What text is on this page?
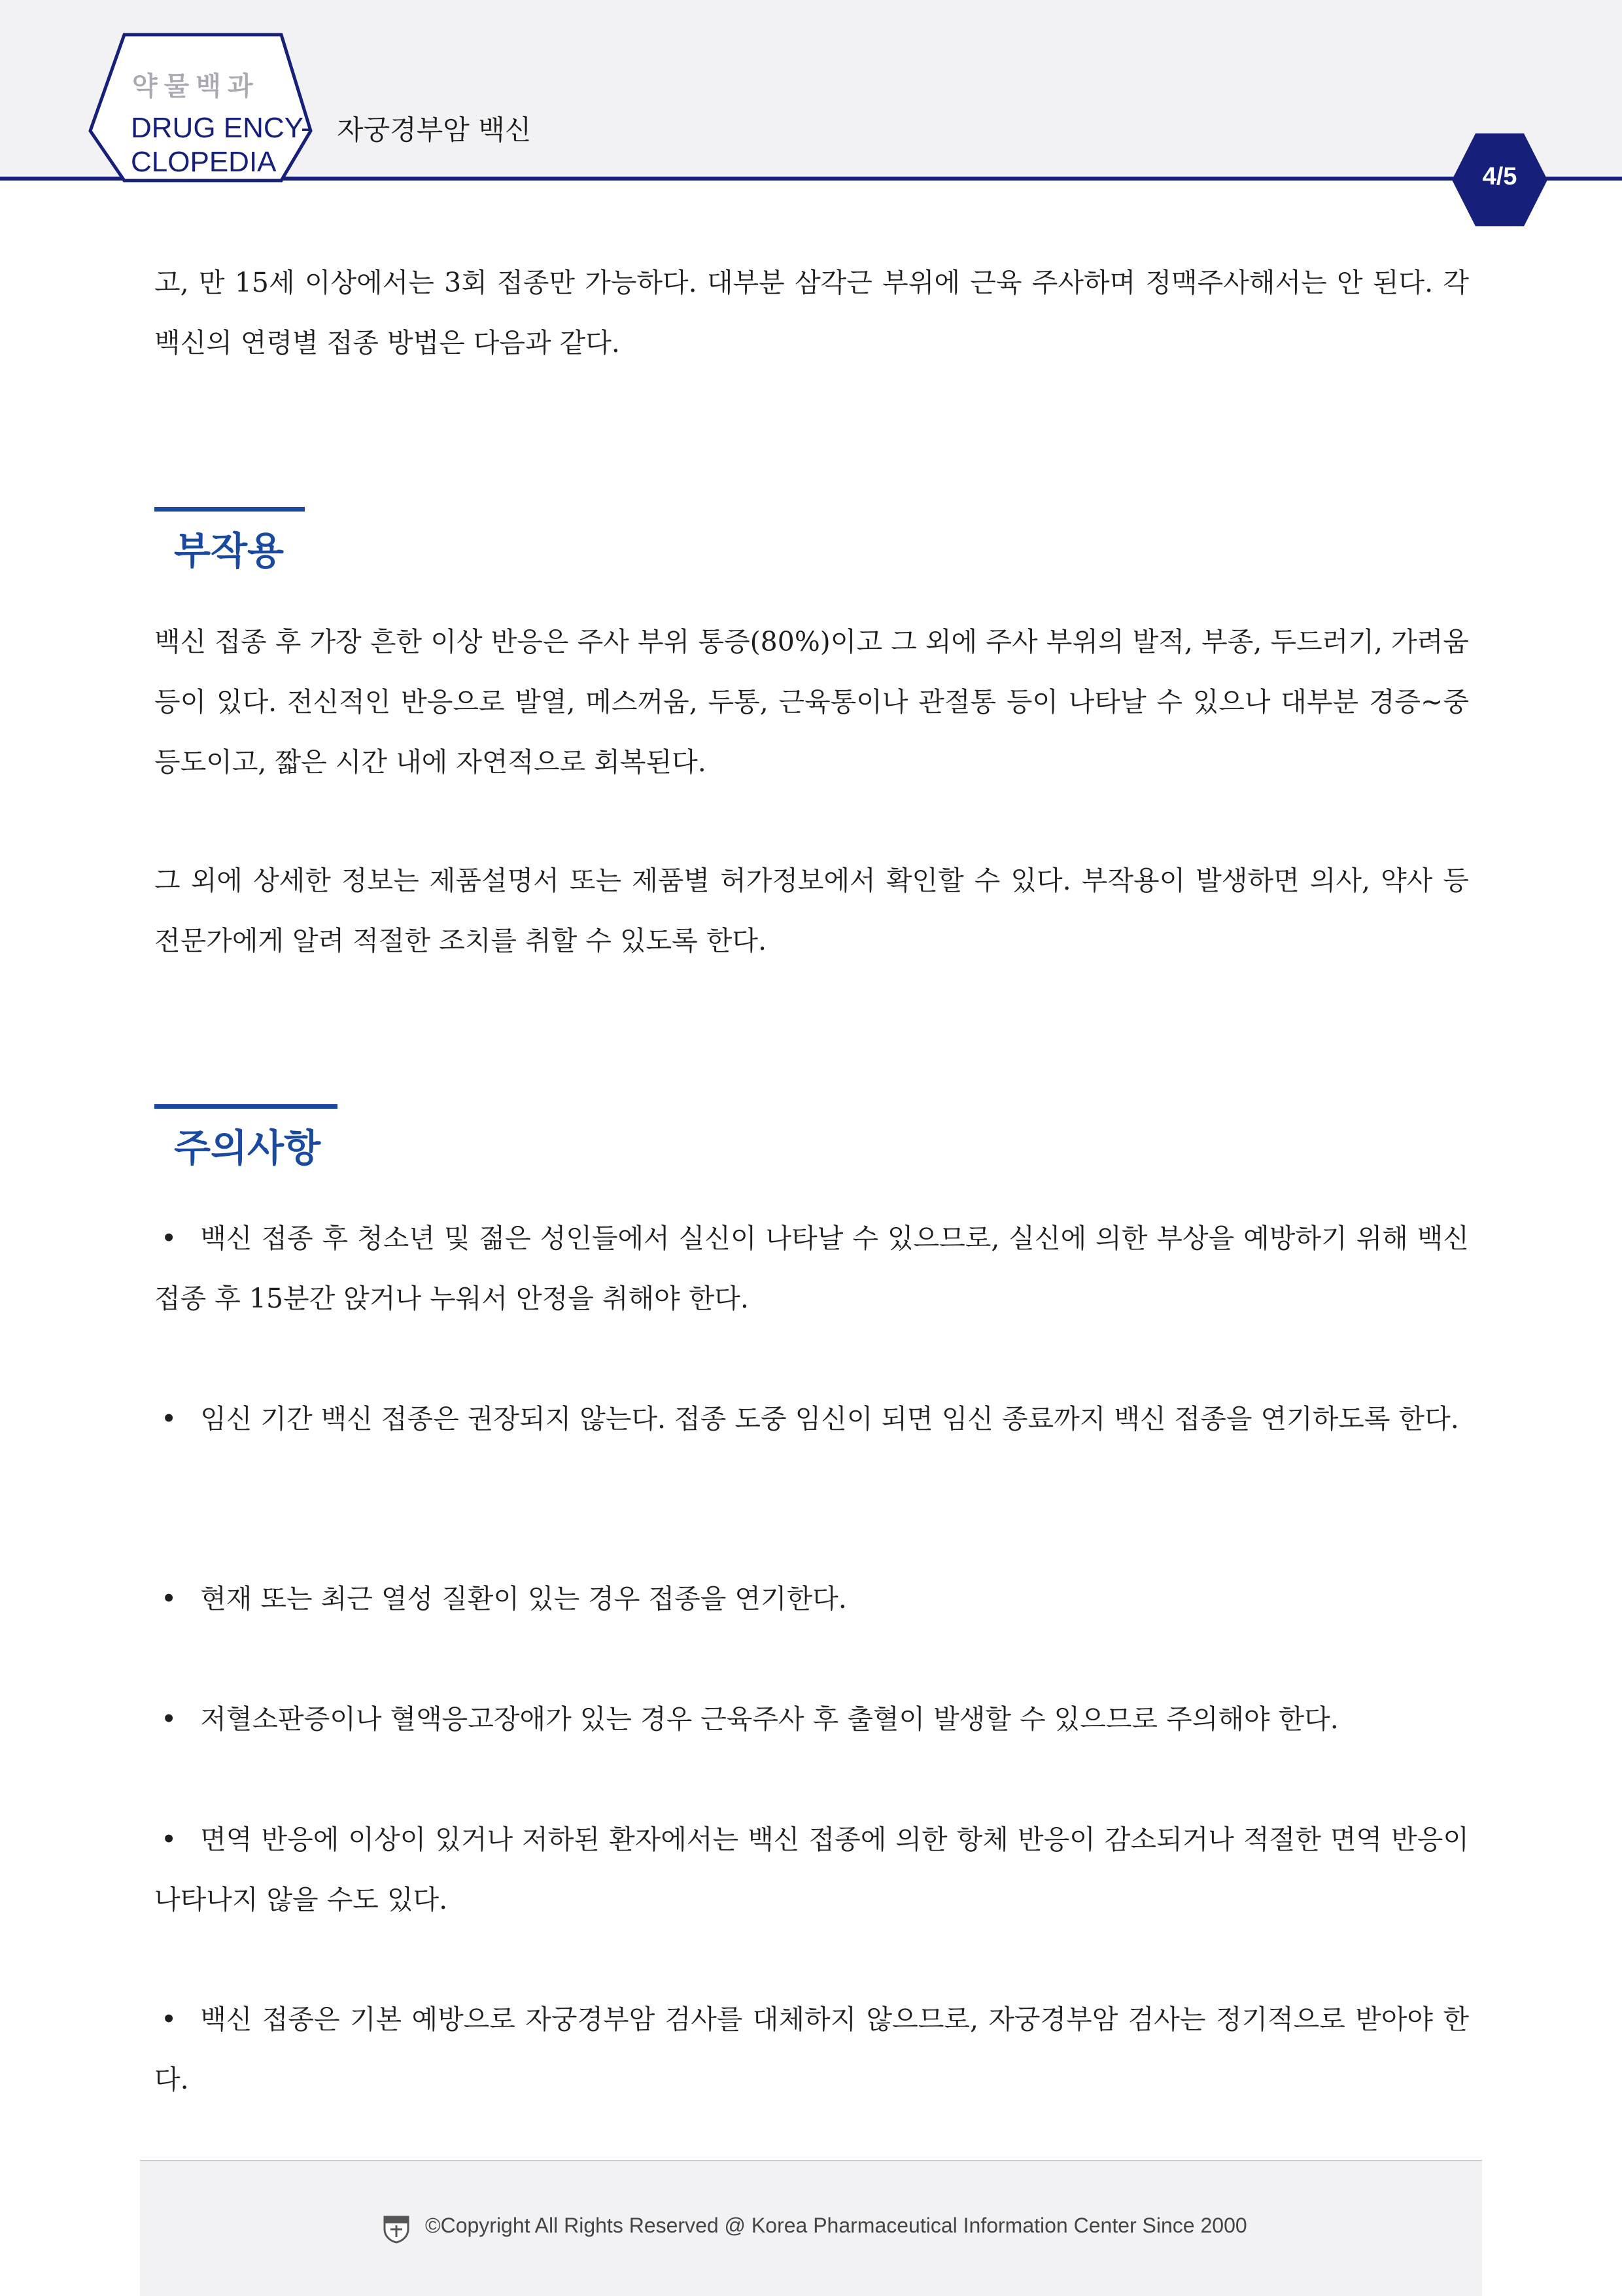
약물백과
DRUG ENCY-
CLOPEDIA
자궁경부암 백신
4/5
고, 만 15세 이상에서는 3회 접종만 가능하다. 대부분 삼각근 부위에 근육 주사하며 정맥주사해서는 안 된다. 각 백신의 연령별 접종 방법은 다음과 같다.
부작용
백신 접종 후 가장 흔한 이상 반응은 주사 부위 통증(80%)이고 그 외에 주사 부위의 발적, 부종, 두드러기, 가려움 등이 있다. 전신적인 반응으로 발열, 메스꺼움, 두통, 근육통이나 관절통 등이 나타날 수 있으나 대부분 경증~중등도이고, 짧은 시간 내에 자연적으로 회복된다.
그 외에 상세한 정보는 제품설명서 또는 제품별 허가정보에서 확인할 수 있다. 부작용이 발생하면 의사, 약사 등 전문가에게 알려 적절한 조치를 취할 수 있도록 한다.
주의사항
• 백신 접종 후 청소년 및 젊은 성인들에서 실신이 나타날 수 있으므로, 실신에 의한 부상을 예방하기 위해 백신 접종 후 15분간 앉거나 누워서 안정을 취해야 한다.
• 임신 기간 백신 접종은 권장되지 않는다. 접종 도중 임신이 되면 임신 종료까지 백신 접종을 연기하도록 한다.
• 현재 또는 최근 열성 질환이 있는 경우 접종을 연기한다.
• 저혈소판증이나 혈액응고장애가 있는 경우 근육주사 후 출혈이 발생할 수 있으므로 주의해야 한다.
• 면역 반응에 이상이 있거나 저하된 환자에서는 백신 접종에 의한 항체 반응이 감소되거나 적절한 면역 반응이 나타나지 않을 수도 있다.
• 백신 접종은 기본 예방으로 자궁경부암 검사를 대체하지 않으므로, 자궁경부암 검사는 정기적으로 받아야 한다.
©Copyright All Rights Reserved @ Korea Pharmaceutical Information Center Since 2000
